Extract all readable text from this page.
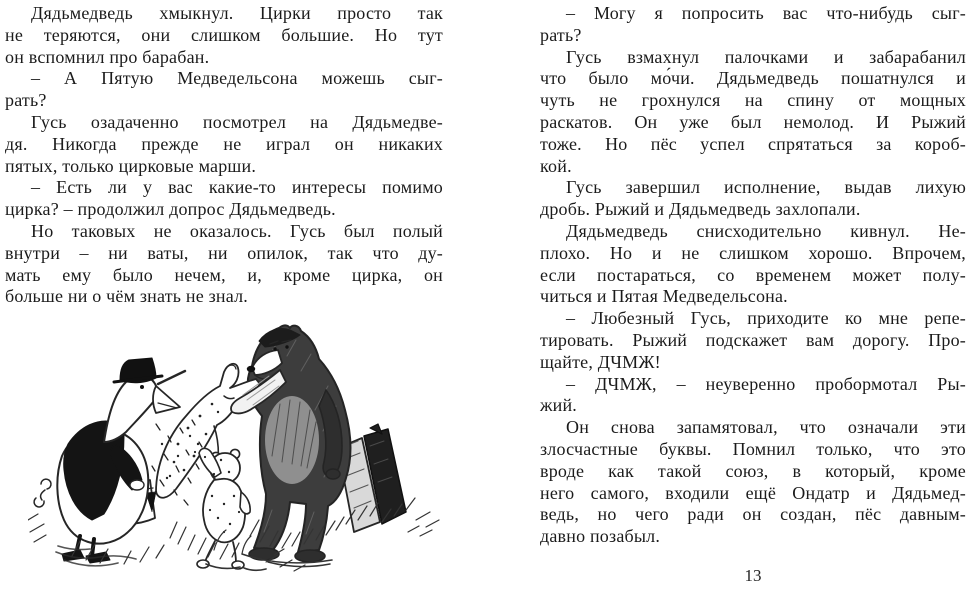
Дядьмедведь хмыкнул. Цирки просто так
не теряются, они слишком большие. Но тут
он вспомнил про барабан.
– А Пятую Медведельсона можешь сыг-
рать?
Гусь озадаченно посмотрел на Дядьмедве-
дя. Никогда прежде не играл он никаких
пятых, только цирковые марши.
– Есть ли у вас какие-то интересы помимо
цирка? – продолжил допрос Дядьмедведь.
Но таковых не оказалось. Гусь был полый
внутри – ни ваты, ни опилок, так что ду-
мать ему было нечем, и, кроме цирка, он
больше ни о чём знать не знал.
– Могу я попросить вас что-нибудь сыг-
рать?
Гусь взмахнул палочками и забарабанил
что было мо́чи. Дядьмедведь пошатнулся и
чуть не грохнулся на спину от мощных
раскатов. Он уже был немолод. И Рыжий
тоже. Но пёс успел спрятаться за короб-
кой.
Гусь завершил исполнение, выдав лихую
дробь. Рыжий и Дядьмедведь захлопали.
Дядьмедведь снисходительно кивнул. Не-
плохо. Но и не слишком хорошо. Впрочем,
если постараться, со временем может полу-
читься и Пятая Медведельсона.
– Любезный Гусь, приходите ко мне репе-
тировать. Рыжий подскажет вам дорогу. Про-
щайте, ДЧМЖ!
– ДЧМЖ, – неуверенно пробормотал Ры-
жий.
Он снова запамятовал, что означали эти
злосчастные буквы. Помнил только, что это
вроде как такой союз, в который, кроме
него самого, входили ещё Ондатр и Дядьмед-
ведь, но чего ради он создан, пёс давным-
давно позабыл.
13
